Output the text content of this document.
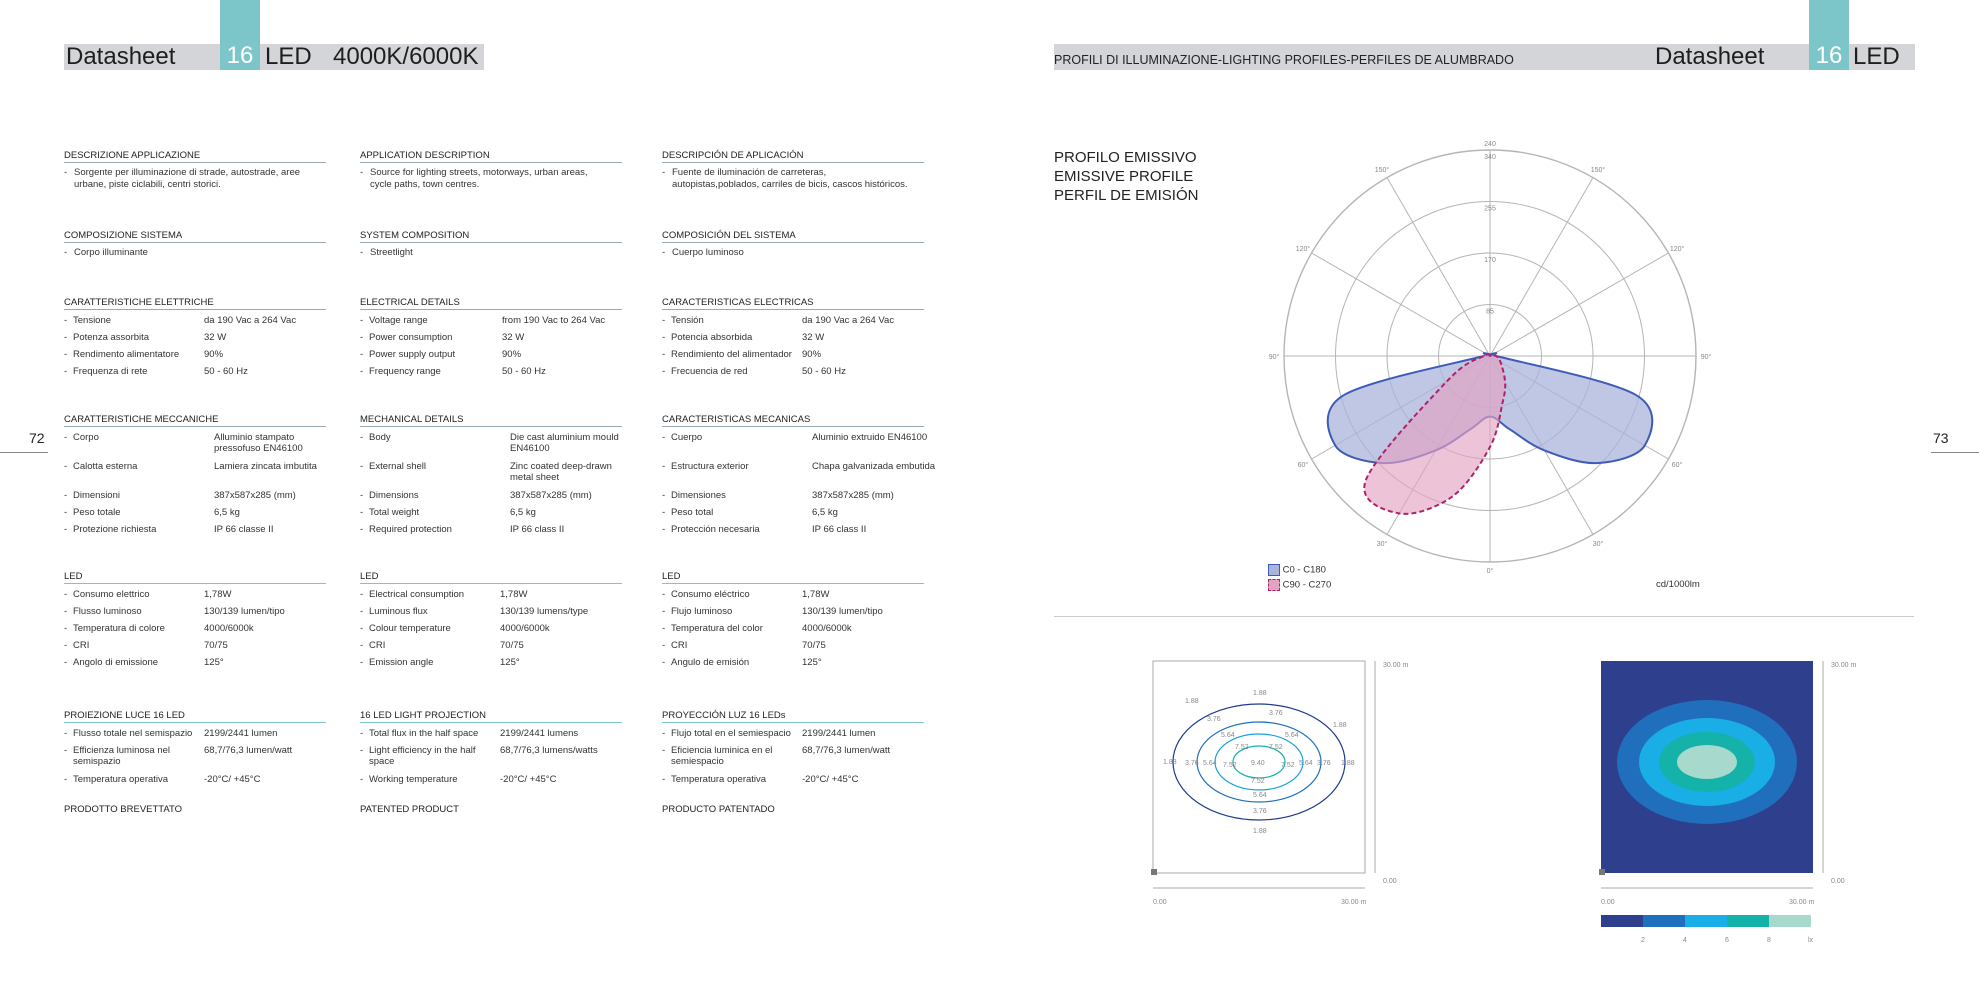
16	16
Datasheet	LED 4000K/6000K	PROFILI DI ILLUMINAZIONE-LIGHTING PROFILES-PERFILES DE ALUMBRADO	Datasheet	LED
72	73
DESCRIZIONE APPLICAZIONE
- Sorgente per illuminazione di strade, autostrade, aree urbane, piste ciclabili, centri storici.
COMPOSIZIONE SISTEMA
- Corpo illuminante
CARATTERISTICHE ELETTRICHE
- Tensione	da 190 Vac a 264 Vac
- Potenza assorbita	32 W
- Rendimento alimentatore	90%
- Frequenza di rete	50 - 60 Hz
CARATTERISTICHE MECCANICHE
- Corpo	Alluminio stampato pressofuso EN46100
- Calotta esterna	Lamiera zincata imbutita
- Dimensioni	387x587x285 (mm)
- Peso totale	6,5 kg
- Protezione richiesta	IP 66 classe II
LED
- Consumo elettrico	1,78W
- Flusso luminoso	130/139 lumen/tipo
- Temperatura di colore	4000/6000k
- CRI	70/75
- Angolo di emissione	125°
PROIEZIONE LUCE 16 LED
- Flusso totale nel semispazio	2199/2441 lumen
- Efficienza luminosa nel semispazio
68,7/76,3 lumen/watt
- Temperatura operativa	-20°C/ +45°C
PRODOTTO BREVETTATO
APPLICATION DESCRIPTION
- Source for lighting streets, motorways, urban areas, cycle paths, town centres.
SYSTEM COMPOSITION
- Streetlight
ELECTRICAL DETAILS
- Voltage range	from 190 Vac to 264 Vac
- Power consumption	32 W
- Power supply output	90%
- Frequency range	50 - 60 Hz
MECHANICAL DETAILS
- Body	Die cast aluminium mould EN46100
- External shell	Zinc coated deep-drawn metal sheet
- Dimensions	387x587x285 (mm)
- Total weight	6,5 kg
- Required protection	IP 66 class II
LED
- Electrical consumption	1,78W
- Luminous flux	130/139 lumens/type
- Colour temperature	4000/6000k
- CRI	70/75
- Emission angle	125°
16 LED LIGHT PROJECTION
- Total flux in the half space	2199/2441 lumens
- Light efficiency in the half space
68,7/76,3 lumens/watts
- Working temperature	-20°C/ +45°C
PATENTED PRODUCT
DESCRIPCIÓN DE APLICACIÓN
- Fuente de iluminación de carreteras, autopistas,poblados, carriles de bicis, cascos históricos.
COMPOSICIÓN DEL SISTEMA
- Cuerpo luminoso
CARACTERISTICAS ELECTRICAS
- Tensión	da 190 Vac a 264 Vac
- Potencia absorbida	32 W
- Rendimiento del alimentador	90%
- Frecuencia de red	50 - 60 Hz
CARACTERISTICAS MECANICAS
- Cuerpo	Aluminio extruido EN46100
- Estructura exterior	Chapa galvanizada embutida
- Dimensiones	387x587x285 (mm)
- Peso total	6,5 kg
- Protección necesaria	IP 66 class II
LED
- Consumo eléctrico	1,78W
- Flujo luminoso	130/139 lumen/tipo
- Temperatura del color	4000/6000k
- CRI	70/75
- Angulo de emisión	125°
PROYECCIÓN LUZ 16 LEDs
- Flujo total en el semiespacio	2199/2441 lumen
- Eficiencia luminica en el semiespacio
68,7/76,3 lumen/watt
- Temperatura operativa	-20°C/ +45°C
PRODUCTO PATENTADO
PROFILO EMISSIVO
EMISSIVE PROFILE
PERFIL DE EMISIÓN
85
170
255
340
240
0°
150°	150°
120°	120°
90°	90°
60°	60°
30°	30°
C0 - C180
C90 - C270	cd/1000lm
1.88
1.88
1.88
1.88
1.88
1.88
3.76
3.76
3.76	3.76
3.76
5.64	5.64
5.64	5.64
5.64
7.52	7.52
7.52	7.52
7.52
9.40
30.00 m
0.00
0.00	30.00 m
30.00 m
0.00
0.00	30.00 m
2	4	6	8	lx
